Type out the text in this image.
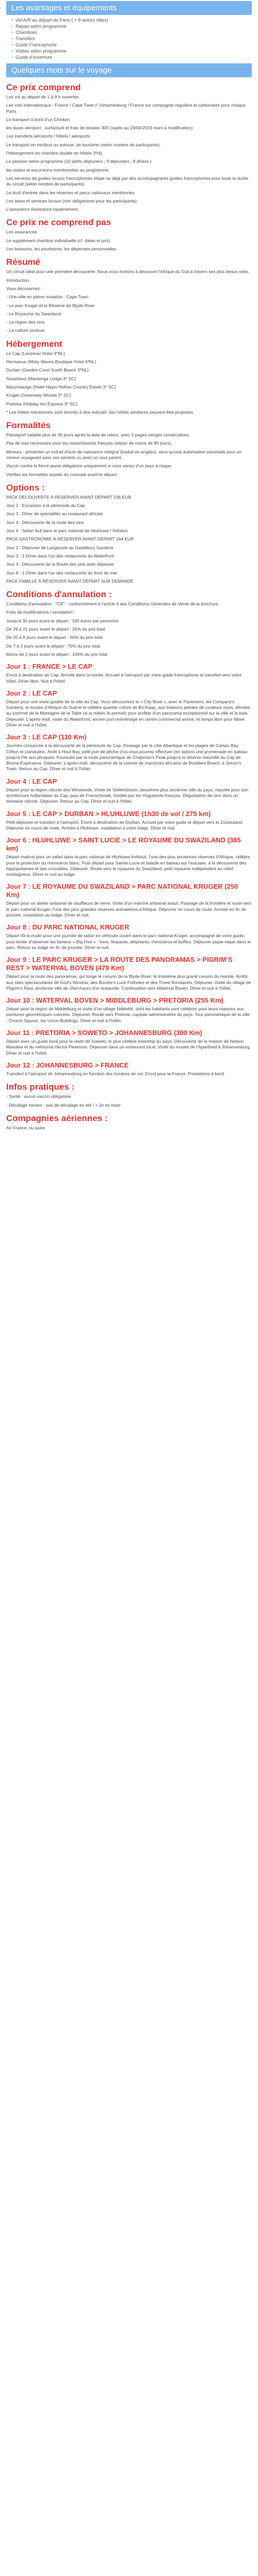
Les avantages et équipements
• Vol A/R au départ de Paris ( + 8 autres villes)
• Repas selon programme
• Chambres
• Transfers
• Guide Francophone
• Visites selon programme
• Guide d'ouverture
Quelques mots sur le voyage
Ce prix comprend

Les vol au départ de 1 à 9 h ouvertes.

Les vols internationaux : France / Cape Town // Johannesburg / France sur compagnie régulière et carbonatés pour chaque Paris

Le transport à bord d'un Chicken

les taxes aéroport ; surfacturé et frais de dossier 300 (sujets au 19/04/2019 mars à modification)

Les transferts aéroports / hôtels / aéroports

Le transport en minibus ou autocar, de tourisme (selon nombre de participants).

l'hébergement en chambre double en hôtels 3*nl).

La pension selon programme (10 petits déjeuners ; 9 déjeuners ; 8 dîners )

les visites et excursions mentionnées au programme.

Les services de guides locaux francophones étape ou déjà par des accompagnants guides francophones pour toute la durée du circuit (selon nombre de participants).

Le droit d'entrée dans les réserves et parcs nationaux mentionnés

Les taxes et services locaux (non obligatoires pour les participants).

L'assurance Assistance rapatriement

Ce prix ne comprend pas

Les assurances

Le supplément chambre individuelle (cf. dates et prix)

Les boissons, les pourboires, les dépenses personnelles

Résumé

Un circuit idéal pour une première découverte. Nous vous invitons à découvrir l'Afrique du Sud à travers ses plus beaux sites.

Introduction

Vous découvrirez :

- Une ville en pleine mutation : Cape Town

- Le parc Kruger et la Réserve de Blyde River

- Le Royaume du Swaziland

- La région des vins

- La culture zouloue

Hébergement

Le Cap (Lanzerac Hotel 4*NL)

Hermanus (Misty Waves Boutique Hotel 4*NL)

Durban (Garden Court South Beach 3*NL)

Swaziland (Mantenga Lodge 3* SC)

Mpumalanga (Hotel Hippo Hollow Country Estate 3* SC)

Kruger (Greenway Woods 3* SC)

Pretoria (Holiday Inn Express 3* SC)

* Les hôtels mentionnés sont donnés à titre indicatif, des hôtels similaires peuvent être proposés

Formalités

Passeport valable plus de 30 jours après la date de retour, avec 2 pages vierges consécutives.

Pas de visa nécessaire pour les ressortissants français (séjour de moins de 90 jours).

Mineurs : présenter un extrait d'acte de naissance intégral (traduit en anglais), ainsi qu'une autorisation parentale pour un mineur voyageant sans ses parents ou avec un seul parent.

Vaccin contre la fièvre jaune obligatoire uniquement si vous venez d'un pays à risque.

Vérifiez les formalités auprès du consulat avant le départ.

Options :

PACK DÉCOUVERTE À RÉSERVER AVANT DÉPART 236 EUR

Jour 2 : Excursion à la péninsule du Cap

Jour 3 : Dîner de spécialités au restaurant africain

Jour 4 : Découverte de la route des vins

Jour 6 : Safari 4x4 dans le parc national de Hluhluwe / Imfolozi

PACK GASTRONOMIE À RÉSERVER AVANT DÉPART 164 EUR

Jour 2 : Déjeuner de Langouste au Gastebury Gardens

Jour 2 : 1 Dîner dans l'un des restaurants du Waterfront

Jour 4 : Découverte de la Route des vins avec déjeuner

Jour 8 : 1 Dîner dans l'un des restaurants du front de mer

PACK FAMILLE À RÉSERVER AVANT DÉPART SUR DEMANDE

Conditions d'annulation :

Conditions d'annulation : "CR" - conformément à l'article 4 des Conditions Générales de Vente de la brochure.

Frais de modifications / annulation :

Jusqu'à 30 jours avant le départ : 100 euros par personne

De 29 à 21 jours avant le départ : 25% du prix total

De 20 à 8 jours avant le départ : 50% du prix total

De 7 à 2 jours avant le départ : 75% du prix total

Moins de 2 jours avant le départ : 100% du prix total

Jour 1 : FRANCE > LE CAP

Envol à destination du Cap. Arrivée dans la soirée. Accueil à l'aéroport par votre guide francophone et transfert vers votre hôtel. Dîner libre. Nuit à l'hôtel.

Jour 2 : LE CAP

Départ pour une visite guidée de la ville du Cap. Vous découvrirez le « City Bowl », avec le Parlement, les Company's Gardens, le musée d'Afrique du Sud et le célèbre quartier coloré de Bo-Kaap, aux maisons peintes de couleurs vives. Montée au sommet de la Montagne de la Table (si la météo le permet) pour profiter d'un panorama exceptionnel sur la ville et la baie. Déjeuner. L'après-midi, visite du Waterfront, ancien port réaménagé en centre commercial animé, et temps libre pour flâner. Dîner et nuit à l'hôtel.

Jour 3 : LE CAP (110 Km)

Journée consacrée à la découverte de la péninsule du Cap. Passage par la côte Atlantique et les plages de Camps Bay, Clifton et Llandudno. Arrêt à Hout Bay, petit port de pêche d'où vous pourrez effectuer (en option) une promenade en bateau jusqu'à l'île aux phoques. Poursuite par la route panoramique de Chapman's Peak jusqu'à la réserve naturelle du Cap de Bonne-Espérance. Déjeuner. L'après-midi, découverte de la colonie de manchots africains de Boulders Beach, à Simon's Town. Retour au Cap. Dîner et nuit à l'hôtel.

Jour 4 : LE CAP

Départ pour la région viticole des Winelands. Visite de Stellenbosch, deuxième plus ancienne ville du pays, réputée pour son architecture hollandaise du Cap, puis de Franschhoek, fondée par les Huguenots français. Dégustation de vins dans un domaine viticole. Déjeuner. Retour au Cap. Dîner et nuit à l'hôtel.

Jour 5 : LE CAP > DURBAN > HLUHLUWE (1h30 de vol / 275 km)

Petit déjeuner et transfert à l'aéroport. Envol à destination de Durban. Accueil par votre guide et départ vers le Zoulouland. Déjeuner en cours de route. Arrivée à Hluhluwe, installation à votre lodge. Dîner et nuit.

Jour 6 : HLUHLUWE > SAINT LUCIE > LE ROYAUME DU SWAZILAND (385 km)

Départ matinal pour un safari dans le parc national de Hluhluwe-Imfolozi, l'une des plus anciennes réserves d'Afrique, célèbre pour la protection du rhinocéros blanc. Puis départ pour Sainte-Lucie et balade en bateau sur l'estuaire, à la découverte des hippopotames et des crocodiles. Déjeuner. Route vers le royaume du Swaziland, petit royaume indépendant au relief montagneux. Dîner et nuit au lodge.

Jour 7 : LE ROYAUME DU SWAZILAND > PARC NATIONAL KRUGER (250 Km)

Départ pour un atelier artisanal de souffleurs de verre. Visite d'un marché artisanal swazi. Passage de la frontière et route vers le parc national Kruger, l'une des plus grandes réserves animalières d'Afrique. Déjeuner en cours de route. Arrivée en fin de journée, installation au lodge. Dîner et nuit.

Jour 8 : DU PARC NATIONAL KRUGER

Départ tôt le matin pour une journée de safari en véhicule ouvert dans le parc national Kruger, accompagné de votre guide, pour tenter d'observer les fameux « Big Five » : lions, léopards, éléphants, rhinocéros et buffles. Déjeuner pique-nique dans le parc. Retour au lodge en fin de journée. Dîner et nuit.

Jour 9 : LE PARC KRUGER > LA ROUTE DES PANORAMAS > PIGRIM'S REST > WATERVAL BOVEN (470 Km)

Départ pour la route des panoramas, qui longe le canyon de la Blyde River, le troisième plus grand canyon du monde. Arrêts aux sites spectaculaires de God's Window, des Bourke's Luck Potholes et des Three Rondavels. Déjeuner. Visite du village de Pilgrim's Rest, ancienne ville de chercheurs d'or restaurée. Continuation vers Waterval Boven. Dîner et nuit à l'hôtel.

Jour 10 : WATERVAL BOVEN > MIDDLEBURG > PRETORIA (255 Km)

Départ pour la région de Middelburg et visite d'un village Ndébélé, dont les habitants sont célèbres pour leurs maisons aux peintures géométriques colorées. Déjeuner. Route vers Pretoria, capitale administrative du pays. Tour panoramique de la ville : Church Square, les Union Buildings. Dîner et nuit à l'hôtel.

Jour 11 : PRETORIA > SOWETO > JOHANNESBURG (300 Km)

Départ avec un guide local pour la visite de Soweto, le plus célèbre township du pays. Découverte de la maison de Nelson Mandela et du mémorial Hector Pieterson. Déjeuner dans un restaurant local. Visite du musée de l'Apartheid à Johannesburg. Dîner et nuit à l'hôtel.

Jour 12 : JOHANNESBURG > FRANCE

Transfert à l'aéroport de Johannesburg en fonction des horaires de vol. Envol pour la France. Prestations à bord.

Infos pratiques :

- Santé : aucun vaccin obligatoire

- Décalage horaire : pas de décalage en été / + 1h en hiver

Compagnies aériennes :

Air France, ou autre
